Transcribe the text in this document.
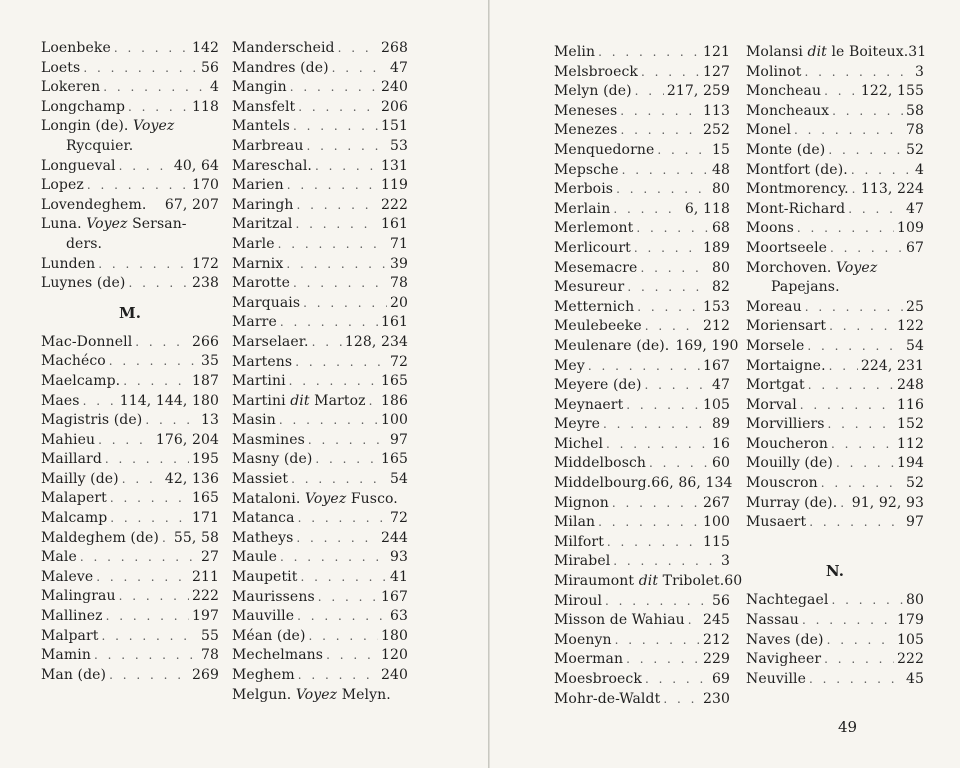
Loenbeke . . .	142
Loets . . .	56
Lokeren . . .	4
Longchamp . . .	118
Longin (de). Voyez
Rycquier.
Longueval . . .	40, 64
Lopez . . .	170
Lovendeghem. 67, 207
Luna. Voyez Sersan-
ders.
Lunden . . .	172
Luynes (de) . . .	238
M.
Mac-Donnell . . .	266
Machéco . . .	35
Maelcamp. . . .	187
Maes . . .	114, 144, 180
Magistris (de) . . .	13
Mahieu . . .	176, 204
Maillard . . .	195
Mailly (de) . . .	42, 136
Malapert . . .	165
Malcamp . . .	171
Maldeghem (de) . . . 55, 58
Male . . .	27
Maleve . . .	211
Malingrau . . .	222
Mallinez . . .	197
Malpart . . .	55
Mamin . . .	78
Man (de) . . .	269
Manderscheid . . .	268
Mandres (de) . . .	47
Mangin . . .	240
Mansfelt . . .	206
Mantels . . .	151
Marbreau . . .	53
Mareschal. . . .	131
Marien . . .	119
Maringh . . .	222
Maritzal . . .	161
Marle . . .	71
Marnix . . .	39
Marotte . . .	78
Marquais . . .	20
Marre . . .	161
Marselaer. . . .	128, 234
Martens . . .	72
Martini . . .	165
Martini dit Martoz . . . 186
Masin . . .	100
Masmines . . .	97
Masny (de) . . .	165
Massiet . . .	54
Mataloni. Voyez Fusco.
Matanca . . .	72
Matheys . . .	244
Maule . . .	93
Maupetit . . .	41
Maurissens . . .	167
Mauville . . .	63
Méan (de) . . .	180
Mechelmans . . .	120
Meghem . . .	240
Melgun. Voyez Melyn.
Melin . . .	121
Melsbroeck . . .	127
Melyn (de) . . .	217, 259
Meneses . . .	113
Menezes . . .	252
Menquedorne . . .	15
Mepsche . . .	48
Merbois . . .	80
Merlain . . .	6, 118
Merlemont . . .	68
Merlicourt . . .	189
Mesemacre . . .	80
Mesureur . . .	82
Metternich . . .	153
Meulebeeke . . .	212
Meulenare (de). 169, 190
Mey . . .	167
Meyere (de) . . .	47
Meynaert . . .	105
Meyre . . .	89
Michel . . .	16
Middelbosch . . .	60
Middelbourg. 66, 86, 134
Mignon . . .	267
Milan . . .	100
Milfort . . .	115
Mirabel . . .	3
Miraumont dit Tribolet. 60
Miroul . . .	56
Misson de Wahiau . . . 245
Moenyn . . .	212
Moerman . . .	229
Moesbroeck . . .	69
Mohr-de-Waldt . . .	230
Molansi dit le Boiteux. 31
Molinot . . .	3
Moncheau . . .	122, 155
Moncheaux . . .	58
Monel . . .	78
Monte (de) . . .	52
Montfort (de). . . .	4
Montmorency. . . . 113, 224
Mont-Richard . . .	47
Moons . . .	109
Moortseele . . .	67
Morchoven. Voyez
Papejans.
Moreau . . .	25
Moriensart . . .	122
Morsele . . .	54
Mortaigne. . . .	224, 231
Mortgat . . .	248
Morval . . .	116
Morvilliers . . .	152
Moucheron . . .	112
Mouilly (de) . . .	194
Mouscron . . .	52
Murray (de). . . . 91, 92, 93
Musaert . . .	97
N.
Nachtegael . . .	80
Nassau . . .	179
Naves (de) . . .	105
Navigheer . . .	222
Neuville . . .	45
49
